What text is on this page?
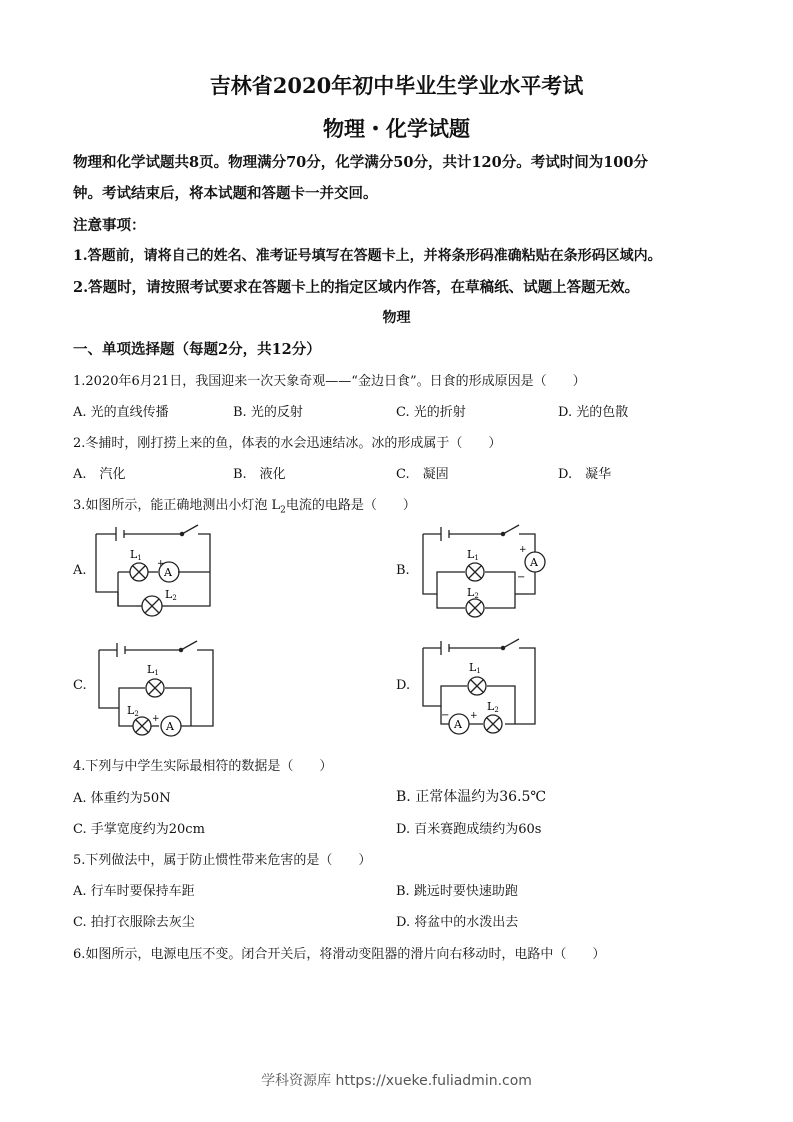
吉林省2020年初中毕业生学业水平考试
物理・化学试题
物理和化学试题共8页。物理满分70分，化学满分50分，共计120分。考试时间为100分
钟。考试结束后，将本试题和答题卡一并交回。
注意事项：
1.答题前，请将自己的姓名、准考证号填写在答题卡上，并将条形码准确粘贴在条形码区域内。
2.答题时，请按照考试要求在答题卡上的指定区域内作答，在草稿纸、试题上答题无效。
物理
一、单项选择题（每题2分，共12分）
1.2020年6月21日，我国迎来一次天象奇观——“金边日食”。日食的形成原因是（　　）
A. 光的直线传播	B. 光的反射	C. 光的折射	D. 光的色散
2.冬捕时，刚打捞上来的鱼，体表的水会迅速结冰。冰的形成属于（　　）
A.　汽化	B.　液化	C.　凝固	D.　凝华
3.如图所示，能正确地测出小灯泡 $L_2$电流的电路是（　　）
A.	B.
C.	D.
L1
+
A
L2
L1
L2
+
A
−
L1
L2 +
A
L1
L2
−
A
+
4.下列与中学生实际最相符的数据是（　　）
A. 体重约为50N	B. 正常体温约为36.5℃
C. 手掌宽度约为20cm	D. 百米赛跑成绩约为60s
5.下列做法中，属于防止惯性带来危害的是（　　）
A. 行车时要保持车距	B. 跳远时要快速助跑
C. 拍打衣服除去灰尘	D. 将盆中的水泼出去
6.如图所示，电源电压不变。闭合开关后，将滑动变阻器的滑片向右移动时，电路中（　　）
学科资源库 https://xueke.fuliadmin.com
